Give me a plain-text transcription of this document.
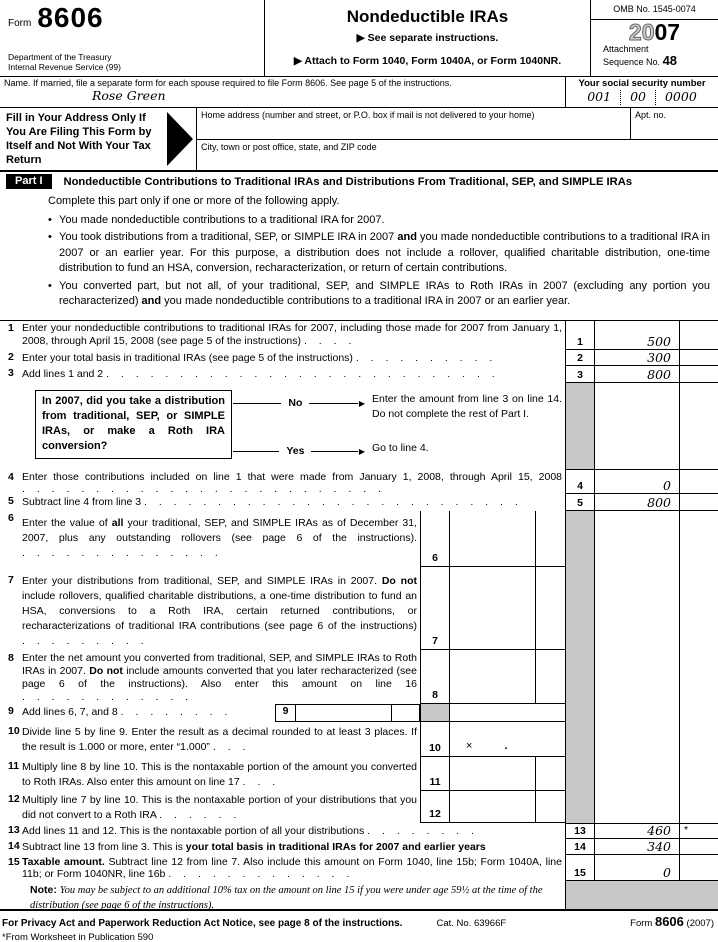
Form 8606
Department of the Treasury
Internal Revenue Service (99)
Nondeductible IRAs
▶ See separate instructions.
▶ Attach to Form 1040, Form 1040A, or Form 1040NR.
OMB No. 1545-0074
2007
Attachment
Sequence No. 48
Name. If married, file a separate form for each spouse required to file Form 8606. See page 5 of the instructions.
Rose Green
Your social security number
001	00	0000
Fill in Your Address Only If You Are Filing This Form by Itself and Not With Your Tax Return
Home address (number and street, or P.O. box if mail is not delivered to your home)	Apt. no.
City, town or post office, state, and ZIP code
Part I	Nondeductible Contributions to Traditional IRAs and Distributions From Traditional, SEP, and SIMPLE IRAs
Complete this part only if one or more of the following apply.
• You made nondeductible contributions to a traditional IRA for 2007.
• You took distributions from a traditional, SEP, or SIMPLE IRA in 2007 and you made nondeductible contributions to a traditional IRA in 2007 or an earlier year. For this purpose, a distribution does not include a rollover, qualified charitable distribution, one-time distribution to fund an HSA, conversion, recharacterization, or return of certain contributions.
• You converted part, but not all, of your traditional, SEP, and SIMPLE IRAs to Roth IRAs in 2007 (excluding any portion you recharacterized) and you made nondeductible contributions to a traditional IRA in 2007 or an earlier year.
1 Enter your nondeductible contributions to traditional IRAs for 2007, including those made for 2007 from January 1, 2008, through April 15, 2008 (see page 5 of the instructions) . . . .	1	500
2 Enter your total basis in traditional IRAs (see page 5 of the instructions) . . . . . . . . . .	2	300
3 Add lines 1 and 2 . . . . . . . . . . . . . . . . . . . . . . . . . . .	3	800
In 2007, did you take a distribution from traditional, SEP, or SIMPLE IRAs, or make a Roth IRA conversion?
No	▶ Enter the amount from line 3 on line 14. Do not complete the rest of Part I.
Yes	▶ Go to line 4.
4 Enter those contributions included on line 1 that were made from January 1, 2008, through April 15, 2008 . . . . . . . . . . . . . . . . . . . . . . . . .	4	0
5 Subtract line 4 from line 3 . . . . . . . . . . . . . . . . . . . . . . . . . .	5	800
6 Enter the value of all your traditional, SEP, and SIMPLE IRAs as of December 31, 2007, plus any outstanding rollovers (see page 6 of the instructions). . . . . . . . . . . . . . .	6
7 Enter your distributions from traditional, SEP, and SIMPLE IRAs in 2007. Do not include rollovers, qualified charitable distributions, a one-time distribution to fund an HSA, conversions to a Roth IRA, certain returned contributions, or recharacterizations of traditional IRA contributions (see page 6 of the instructions) . . . . . . . . .	7
8 Enter the net amount you converted from traditional, SEP, and SIMPLE IRAs to Roth IRAs in 2007. Do not include amounts converted that you later recharacterized (see page 6 of the instructions). Also enter this amount on line 16 . . . . . . . . . . . .	8
9 Add lines 6, 7, and 8 . . . . . . . .	9
10 Divide line 5 by line 9. Enter the result as a decimal rounded to at least 3 places. If the result is 1.000 or more, enter “1.000” . . .	10	×	.
11 Multiply line 8 by line 10. This is the nontaxable portion of the amount you converted to Roth IRAs. Also enter this amount on line 17 . . .	11
12 Multiply line 7 by line 10. This is the nontaxable portion of your distributions that you did not convert to a Roth IRA . . . . . .	12
13 Add lines 11 and 12. This is the nontaxable portion of all your distributions . . . . . . . .	13	460 *
14 Subtract line 13 from line 3. This is your total basis in traditional IRAs for 2007 and earlier years	14	340
15 Taxable amount. Subtract line 12 from line 7. Also include this amount on Form 1040, line 15b; Form 1040A, line 11b; or Form 1040NR, line 16b . . . . . . . . . . . . .	15	0
Note: You may be subject to an additional 10% tax on the amount on line 15 if you were under age 59½ at the time of the distribution (see page 6 of the instructions).
For Privacy Act and Paperwork Reduction Act Notice, see page 8 of the instructions.	Cat. No. 63966F	Form 8606 (2007)
*From Worksheet in Publication 590
